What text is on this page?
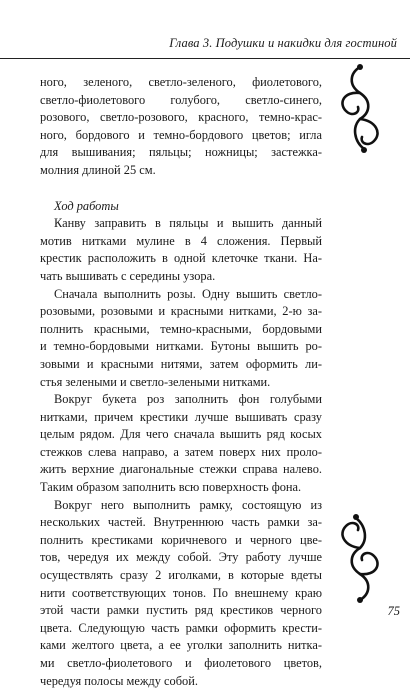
Глава 3. Подушки и накидки для гостиной
ного, зеленого, светло-зеленого, фиолетового,
светло-фиолетового голубого, светло-синего,
розового, светло-розового, красного, темно-крас-
ного, бордового и темно-бордового цветов; игла
для вышивания; пяльцы; ножницы; застежка-
молния длиной 25 см.
Ход работы
Канву заправить в пяльцы и вышить данный
мотив нитками мулине в 4 сложения. Первый
крестик расположить в одной клеточке ткани. На-
чать вышивать с середины узора.
Сначала выполнить розы. Одну вышить светло-
розовыми, розовыми и красными нитками, 2-ю за-
полнить красными, темно-красными, бордовыми
и темно-бордовыми нитками. Бутоны вышить ро-
зовыми и красными нитями, затем оформить ли-
стья зелеными и светло-зелеными нитками.
Вокруг букета роз заполнить фон голубыми
нитками, причем крестики лучше вышивать сразу
целым рядом. Для чего сначала вышить ряд косых
стежков слева направо, а затем поверх них проло-
жить верхние диагональные стежки справа налево.
Таким образом заполнить всю поверхность фона.
Вокруг него выполнить рамку, состоящую из
нескольких частей. Внутреннюю часть рамки за-
полнить крестиками коричневого и черного цве-
тов, чередуя их между собой. Эту работу лучше
осуществлять сразу 2 иголками, в которые вдеты
нити соответствующих тонов. По внешнему краю
этой части рамки пустить ряд крестиков черного
цвета. Следующую часть рамки оформить крести-
ками желтого цвета, а ее уголки заполнить нитка-
ми светло-фиолетового и фиолетового цветов,
чередуя полосы между собой.
75
